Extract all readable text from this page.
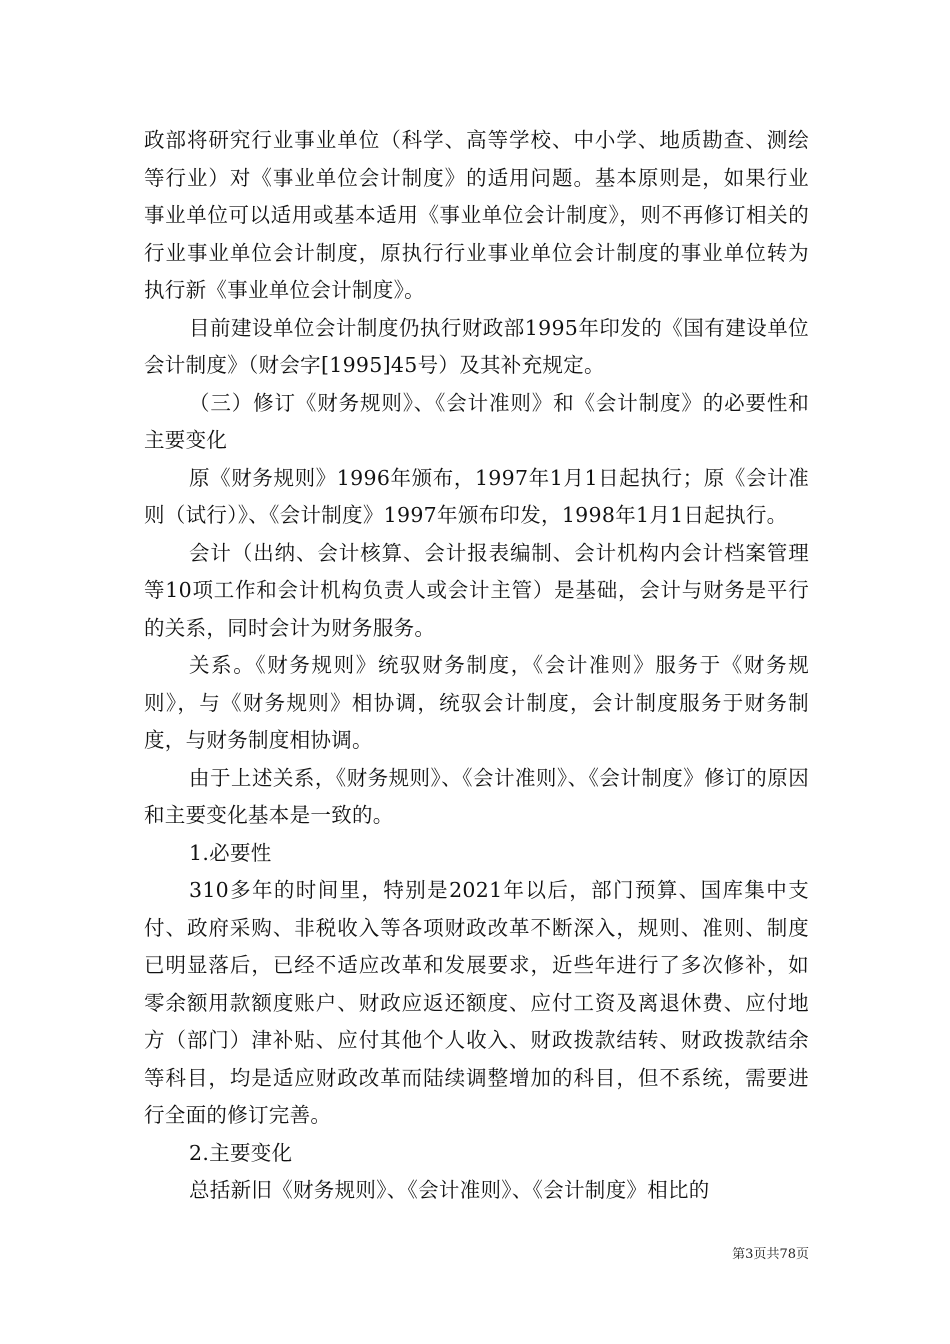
政部将研究行业事业单位（科学、高等学校、中小学、地质勘查、测绘等行业）对《事业单位会计制度》的适用问题。基本原则是，如果行业事业单位可以适用或基本适用《事业单位会计制度》，则不再修订相关的行业事业单位会计制度，原执行行业事业单位会计制度的事业单位转为执行新《事业单位会计制度》。

目前建设单位会计制度仍执行财政部1995年印发的《国有建设单位会计制度》（财会字[1995]45号）及其补充规定。

（三）修订《财务规则》、《会计准则》和《会计制度》的必要性和主要变化

原《财务规则》1996年颁布，1997年1月1日起执行；原《会计准则（试行）》、《会计制度》1997年颁布印发，1998年1月1日起执行。

会计（出纳、会计核算、会计报表编制、会计机构内会计档案管理等10项工作和会计机构负责人或会计主管）是基础，会计与财务是平行的关系，同时会计为财务服务。

关系。《财务规则》统驭财务制度，《会计准则》服务于《财务规则》，与《财务规则》相协调，统驭会计制度，会计制度服务于财务制度，与财务制度相协调。

由于上述关系，《财务规则》、《会计准则》、《会计制度》修订的原因和主要变化基本是一致的。

1.必要性

310多年的时间里，特别是2021年以后，部门预算、国库集中支付、政府采购、非税收入等各项财政改革不断深入，规则、准则、制度已明显落后，已经不适应改革和发展要求，近些年进行了多次修补，如零余额用款额度账户、财政应返还额度、应付工资及离退休费、应付地方（部门）津补贴、应付其他个人收入、财政拨款结转、财政拨款结余等科目，均是适应财政改革而陆续调整增加的科目，但不系统，需要进行全面的修订完善。

2.主要变化

总括新旧《财务规则》、《会计准则》、《会计制度》相比的

第3页共78页
